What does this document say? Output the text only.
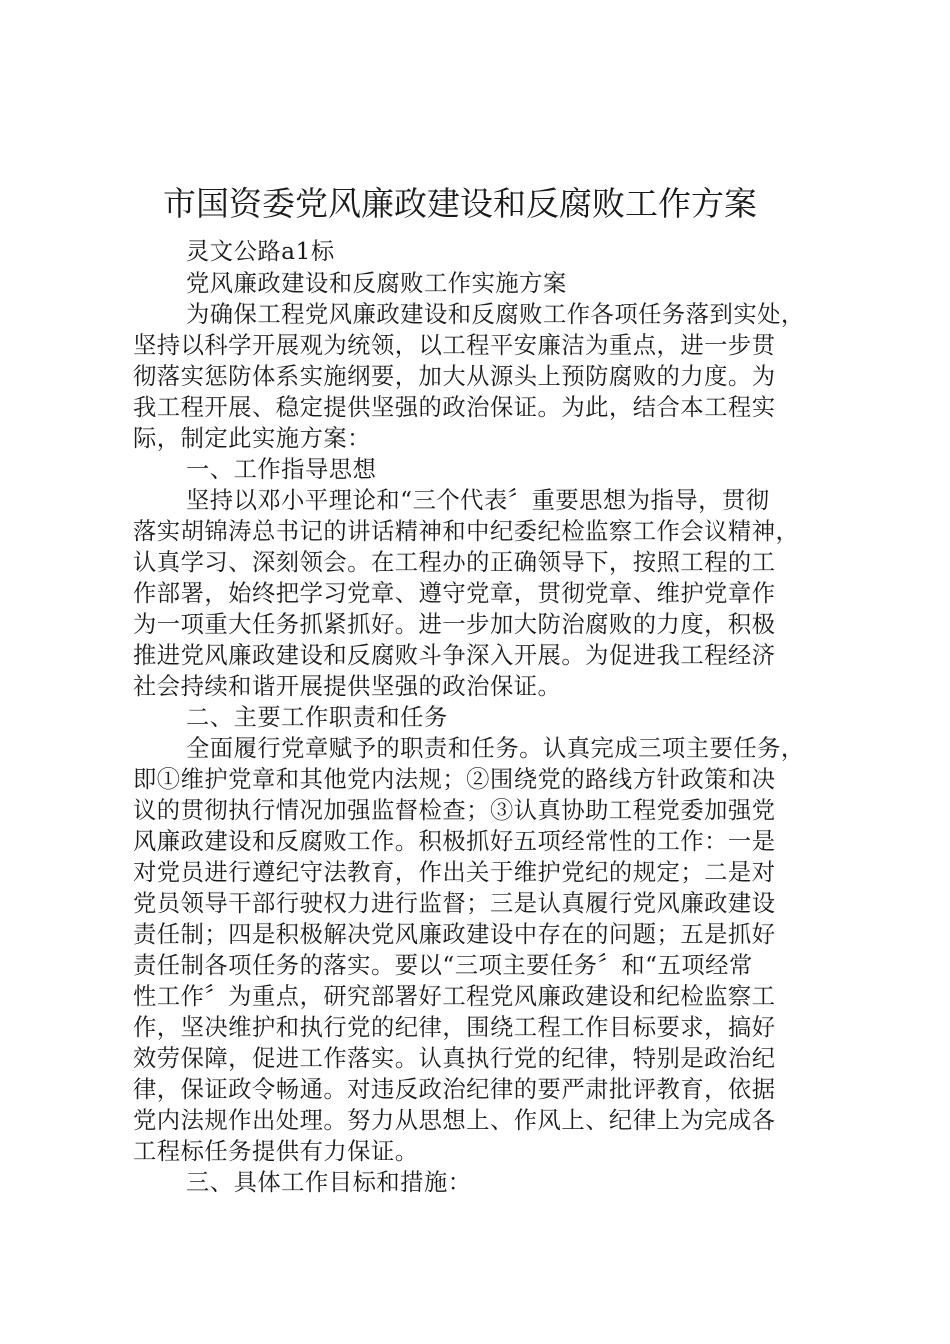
市国资委党风廉政建设和反腐败工作方案
灵文公路a1标
党风廉政建设和反腐败工作实施方案
为确保工程党风廉政建设和反腐败工作各项任务落到实处，
坚持以科学开展观为统领，以工程平安廉洁为重点，进一步贯
彻落实惩防体系实施纲要，加大从源头上预防腐败的力度。为
我工程开展、稳定提供坚强的政治保证。为此，结合本工程实
际，制定此实施方案：
一、工作指导思想
坚持以邓小平理论和“三个代表〞重要思想为指导，贯彻
落实胡锦涛总书记的讲话精神和中纪委纪检监察工作会议精神，
认真学习、深刻领会。在工程办的正确领导下，按照工程的工
作部署，始终把学习党章、遵守党章，贯彻党章、维护党章作
为一项重大任务抓紧抓好。进一步加大防治腐败的力度，积极
推进党风廉政建设和反腐败斗争深入开展。为促进我工程经济
社会持续和谐开展提供坚强的政治保证。
二、主要工作职责和任务
全面履行党章赋予的职责和任务。认真完成三项主要任务，
即①维护党章和其他党内法规；②围绕党的路线方针政策和决
议的贯彻执行情况加强监督检查；③认真协助工程党委加强党
风廉政建设和反腐败工作。积极抓好五项经常性的工作：一是
对党员进行遵纪守法教育，作出关于维护党纪的规定；二是对
党员领导干部行驶权力进行监督；三是认真履行党风廉政建设
责任制；四是积极解决党风廉政建设中存在的问题；五是抓好
责任制各项任务的落实。要以“三项主要任务〞和“五项经常
性工作〞为重点，研究部署好工程党风廉政建设和纪检监察工
作，坚决维护和执行党的纪律，围绕工程工作目标要求，搞好
效劳保障，促进工作落实。认真执行党的纪律，特别是政治纪
律，保证政令畅通。对违反政治纪律的要严肃批评教育，依据
党内法规作出处理。努力从思想上、作风上、纪律上为完成各
工程标任务提供有力保证。
三、具体工作目标和措施：
